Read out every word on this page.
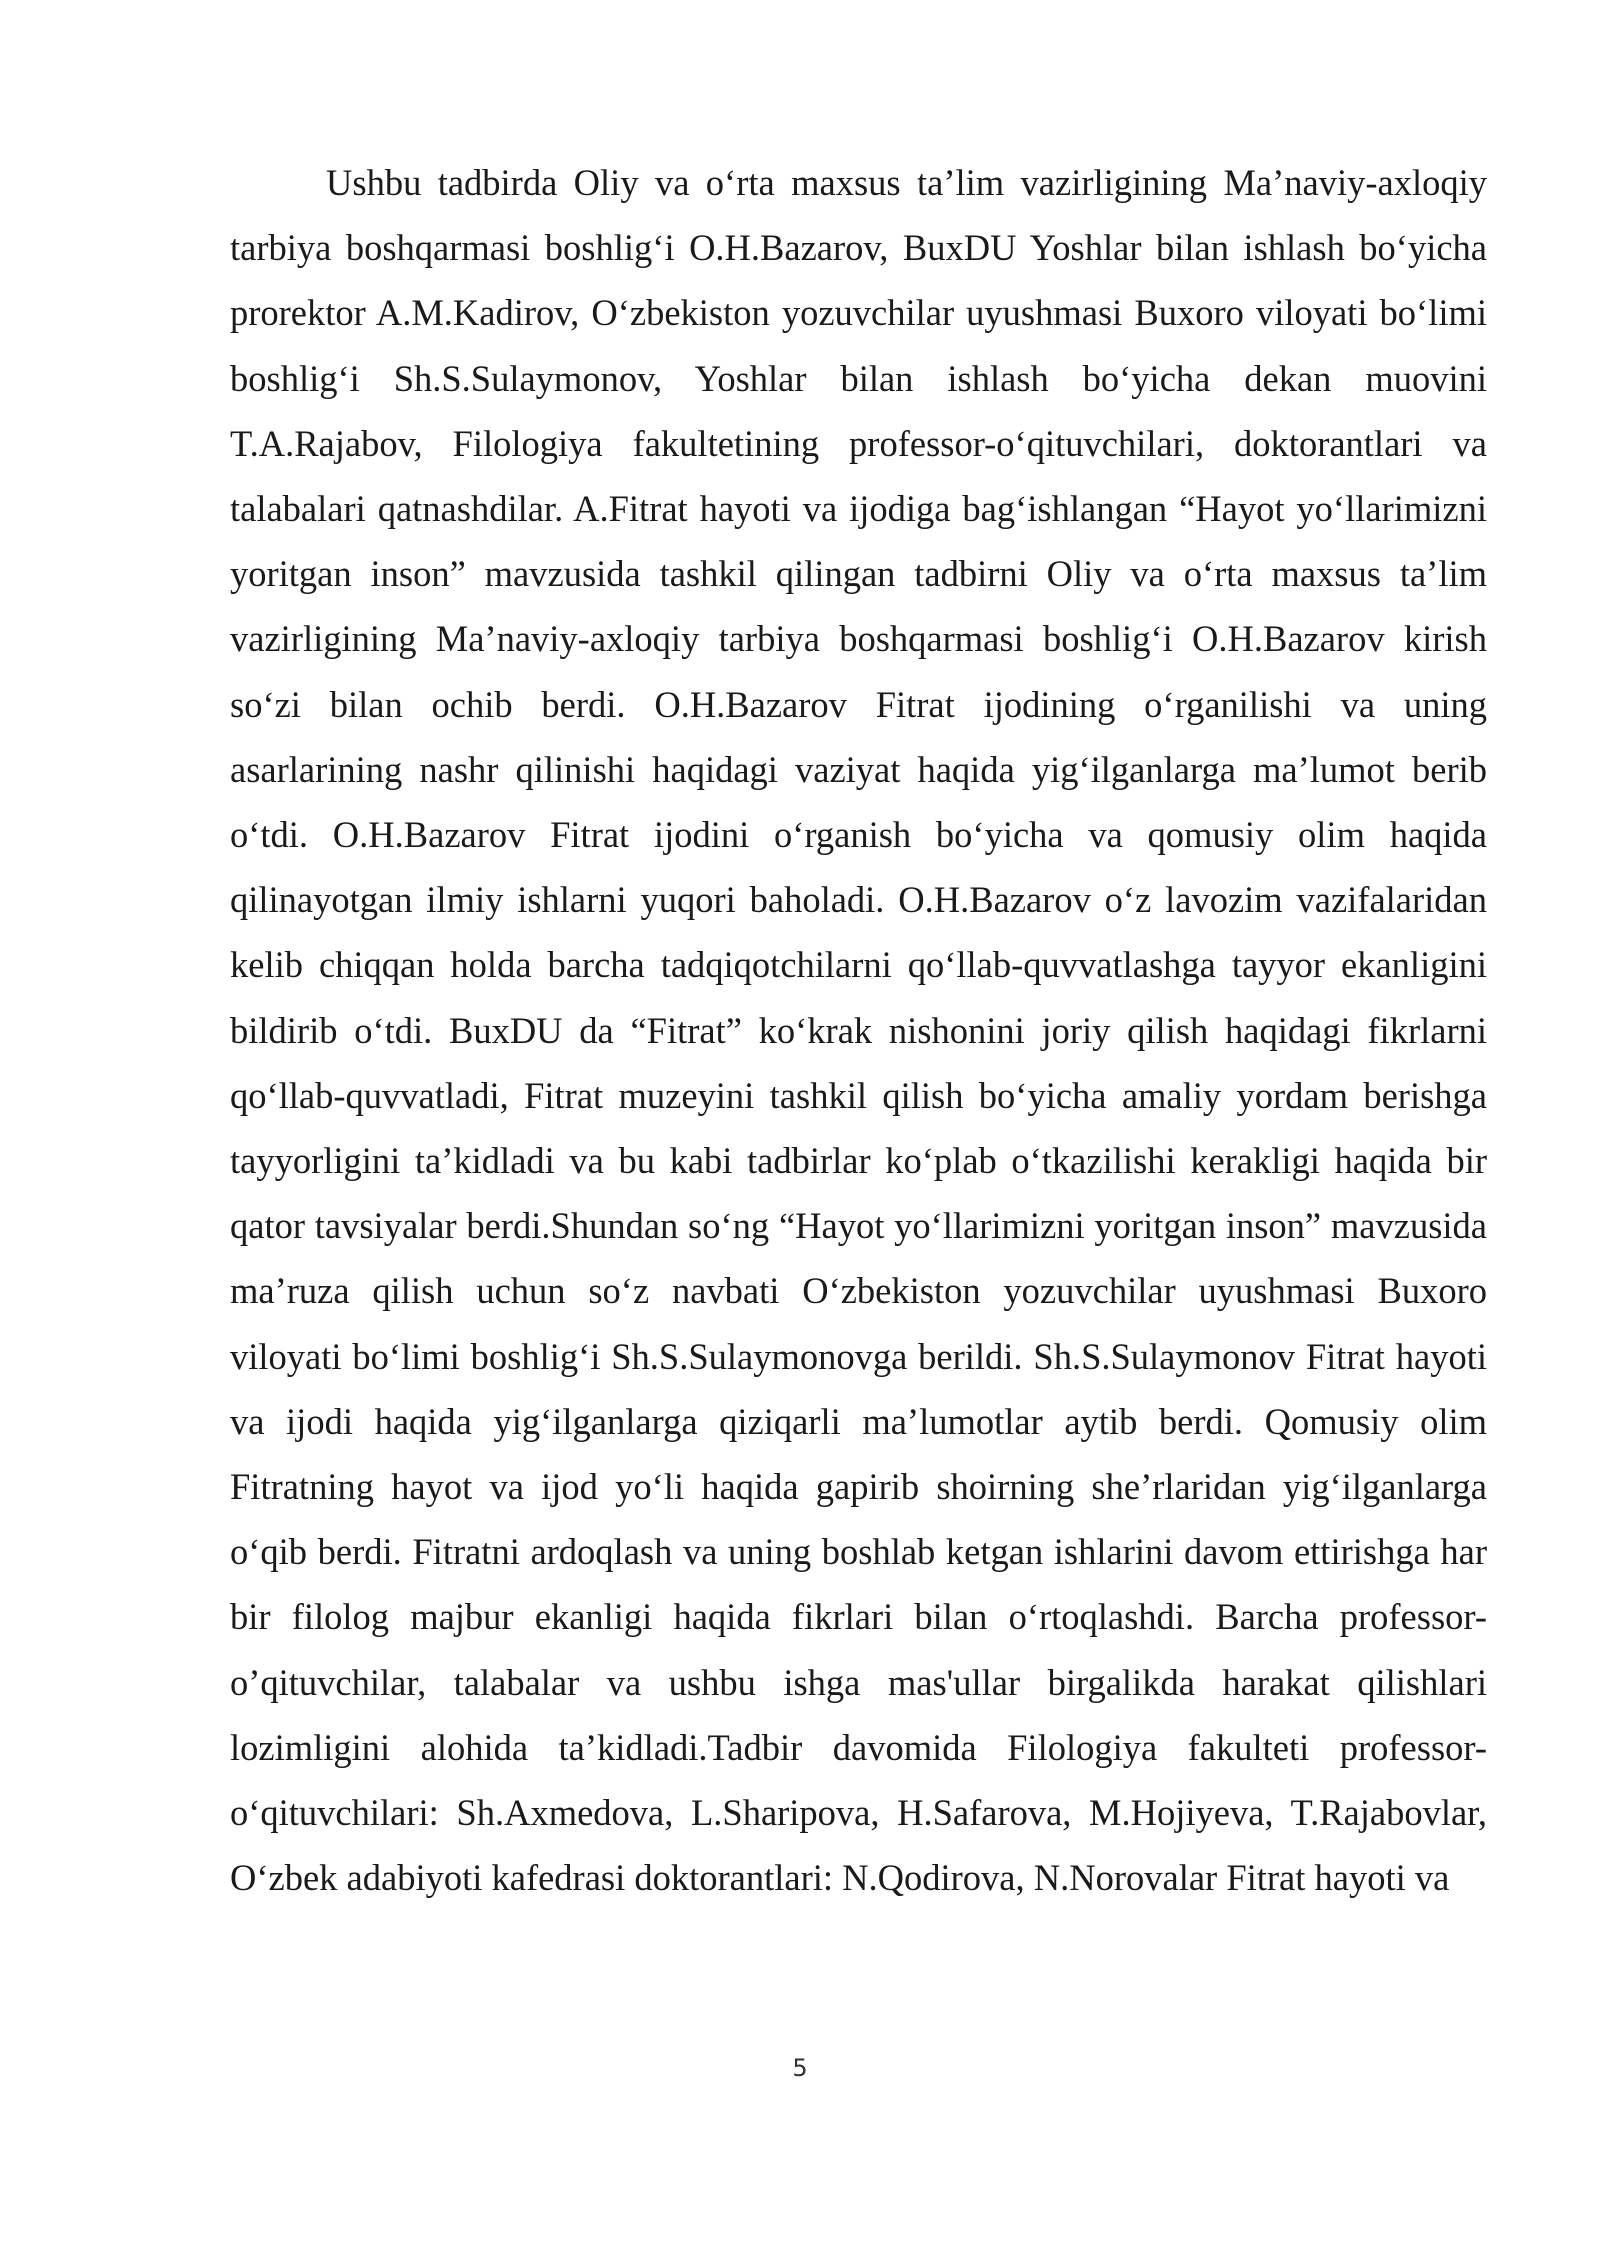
Ushbu tadbirda Oliy va o‘rta maxsus ta’lim vazirligining Ma’naviy-axloqiy tarbiya boshqarmasi boshlig‘i O.H.Bazarov, BuxDU Yoshlar bilan ishlash bo‘yicha prorektor A.M.Kadirov, O‘zbekiston yozuvchilar uyushmasi Buxoro viloyati bo‘limi boshlig‘i Sh.S.Sulaymonov, Yoshlar bilan ishlash bo‘yicha dekan muovini T.A.Rajabov, Filologiya fakultetining professor-o‘qituvchilari, doktorantlari va talabalari qatnashdilar. A.Fitrat hayoti va ijodiga bag‘ishlangan “Hayot yo‘llarimizni yoritgan inson” mavzusida tashkil qilingan tadbirni Oliy va o‘rta maxsus ta’lim vazirligining Ma’naviy-axloqiy tarbiya boshqarmasi boshlig‘i O.H.Bazarov kirish so‘zi bilan ochib berdi. O.H.Bazarov Fitrat ijodining o‘rganilishi va uning asarlarining nashr qilinishi haqidagi vaziyat haqida yig‘ilganlarga ma’lumot berib o‘tdi. O.H.Bazarov Fitrat ijodini o‘rganish bo‘yicha va qomusiy olim haqida qilinayotgan ilmiy ishlarni yuqori baholadi. O.H.Bazarov o‘z lavozim vazifalaridan kelib chiqqan holda barcha tadqiqotchilarni qo‘llab-quvvatlashga tayyor ekanligini bildirib o‘tdi. BuxDU da “Fitrat” ko‘krak nishonini joriy qilish haqidagi fikrlarni qo‘llab-quvvatladi, Fitrat muzeyini tashkil qilish bo‘yicha amaliy yordam berishga tayyorligini ta’kidladi va bu kabi tadbirlar ko‘plab o‘tkazilishi kerakligi haqida bir qator tavsiyalar berdi.Shundan so‘ng “Hayot yo‘llarimizni yoritgan inson” mavzusida ma’ruza qilish uchun so‘z navbati O‘zbekiston yozuvchilar uyushmasi Buxoro viloyati bo‘limi boshlig‘i Sh.S.Sulaymonovga berildi. Sh.S.Sulaymonov Fitrat hayoti va ijodi haqida yig‘ilganlarga qiziqarli ma’lumotlar aytib berdi. Qomusiy olim Fitratning hayot va ijod yo‘li haqida gapirib shoirning she’rlaridan yig‘ilganlarga o‘qib berdi. Fitratni ardoqlash va uning boshlab ketgan ishlarini davom ettirishga har bir filolog majbur ekanligi haqida fikrlari bilan o‘rtoqlashdi. Barcha professor-o’qituvchilar, talabalar va ushbu ishga mas'ullar birgalikda harakat qilishlari lozimligini alohida ta’kidladi.Tadbir davomida Filologiya fakulteti professor-o‘qituvchilari: Sh.Axmedova, L.Sharipova, H.Safarova, M.Hojiyeva, T.Rajabovlar, O‘zbek adabiyoti kafedrasi doktorantlari: N.Qodirova, N.Norovalar Fitrat hayoti va

5
